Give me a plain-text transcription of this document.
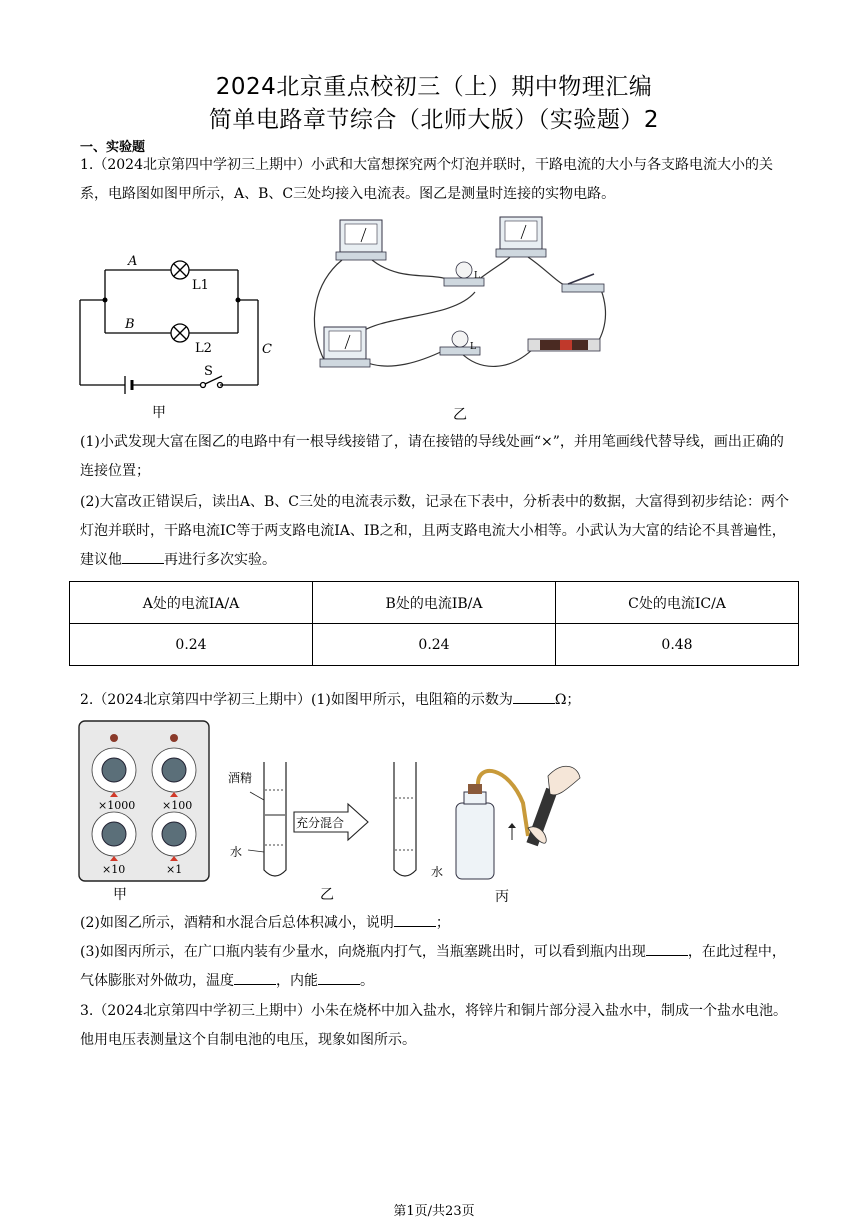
2024北京重点校初三（上）期中物理汇编
简单电路章节综合（北师大版）（实验题）2
一、实验题
1.（2024北京第四中学初三上期中）小武和大富想探究两个灯泡并联时，干路电流的大小与各支路电流大小的关系，电路图如图甲所示，A、B、C三处均接入电流表。图乙是测量时连接的实物电路。
A
L1
B
L2	C
S
甲
L
L
乙
(1)小武发现大富在图乙的电路中有一根导线接错了，请在接错的导线处画“×”，并用笔画线代替导线，画出正确的连接位置；
(2)大富改正错误后，读出A、B、C三处的电流表示数，记录在下表中，分析表中的数据，大富得到初步结论：两个灯泡并联时，干路电流IC等于两支路电流IA、IB之和，且两支路电流大小相等。小武认为大富的结论不具普遍性，建议他	再进行多次实验。
A处的电流IA/A	B处的电流IB/A	C处的电流IC/A
0.24	0.24	0.48
2.（2024北京第四中学初三上期中）(1)如图甲所示，电阻箱的示数为	Ω；
×1000 ×100
×10	×1
甲
酒精
水
充分混合
乙
水
丙
(2)如图乙所示，酒精和水混合后总体积减小，说明	；
(3)如图丙所示，在广口瓶内装有少量水，向烧瓶内打气，当瓶塞跳出时，可以看到瓶内出现	，在此过程中，气体膨胀对外做功，温度	，内能	。
3.（2024北京第四中学初三上期中）小朱在烧杯中加入盐水，将锌片和铜片部分浸入盐水中，制成一个盐水电池。他用电压表测量这个自制电池的电压，现象如图所示。
第1页/共23页
